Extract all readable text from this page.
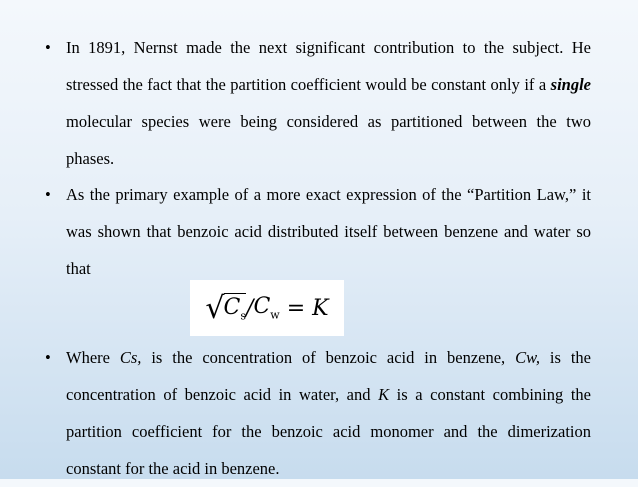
• In 1891, Nernst made the next significant contribution to the subject. He stressed the fact that the partition coefficient would be constant only if a single molecular species were being considered as partitioned between the two phases.
• As the primary example of a more exact expression of the “Partition Law,” it was shown that benzoic acid distributed itself between benzene and water so that
√ $C_s / C_w = K$
• Where Cs, is the concentration of benzoic acid in benzene, Cw, is the concentration of benzoic acid in water, and K is a constant combining the partition coefficient for the benzoic acid monomer and the dimerization constant for the acid in benzene.
